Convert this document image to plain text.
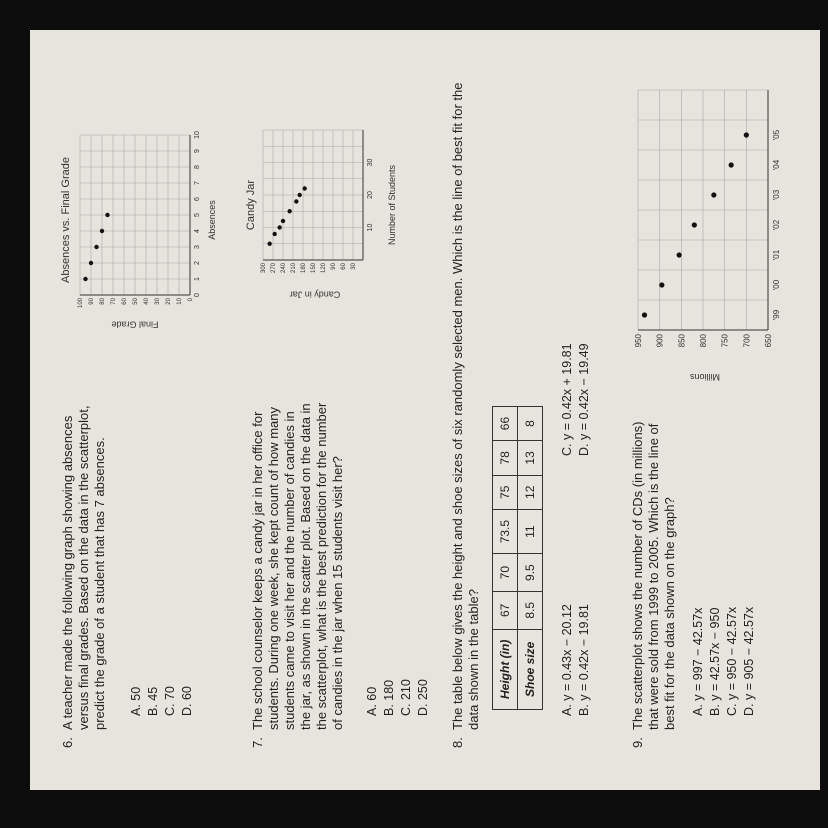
6.
A teacher made the following graph showing absences versus final grades. Based on the data in the scatterplot, predict the grade of a student that has 7 absences. A. 50 B. 45 C. 70 D. 60
Absences vs. Final Grade
0
1
2
3
4
5
6
7
8
9
10
0
10
20
30
40
50
60
70
80
90
100
Absences
Final Grade
7.
The school counselor keeps a candy jar in her office for students. During one week, she kept count of how many students came to visit her and the number of candies in the jar, as shown in the scatter plot. Based on the data in the scatterplot, what is the best prediction for the number of candies in the jar when 15 students visit her? A. 60 B. 180 C. 210 D. 250
Candy Jar	10
20
30
30
60
90
120
150
180
210
240
270
300
Number of Students
Candy in Jar
8.
The table below gives the height and shoe sizes of six randomly selected men. Which is the line of best fit for the data shown in the table? Height (in)	67	70	73.5	75	78	66
Shoe size	8.5	9.5	11	12	13	8
A. y = 0.43x − 20.12 B. y = 0.42x − 19.81
C. y = 0.42x + 19.81 D. y = 0.42x − 19.49
9.
The scatterplot shows the number of CDs (in millions) that were sold from 1999 to 2005. Which is the line of best fit for the data shown on the graph? A. y = 997 − 42.57x B. y = 42.57x − 950 C. y = 950 − 42.57x D. y = 905 − 42.57x
950 900 850 800 750 700 650
'99
'00
'01
'02
'03
'04
'05
Millions
